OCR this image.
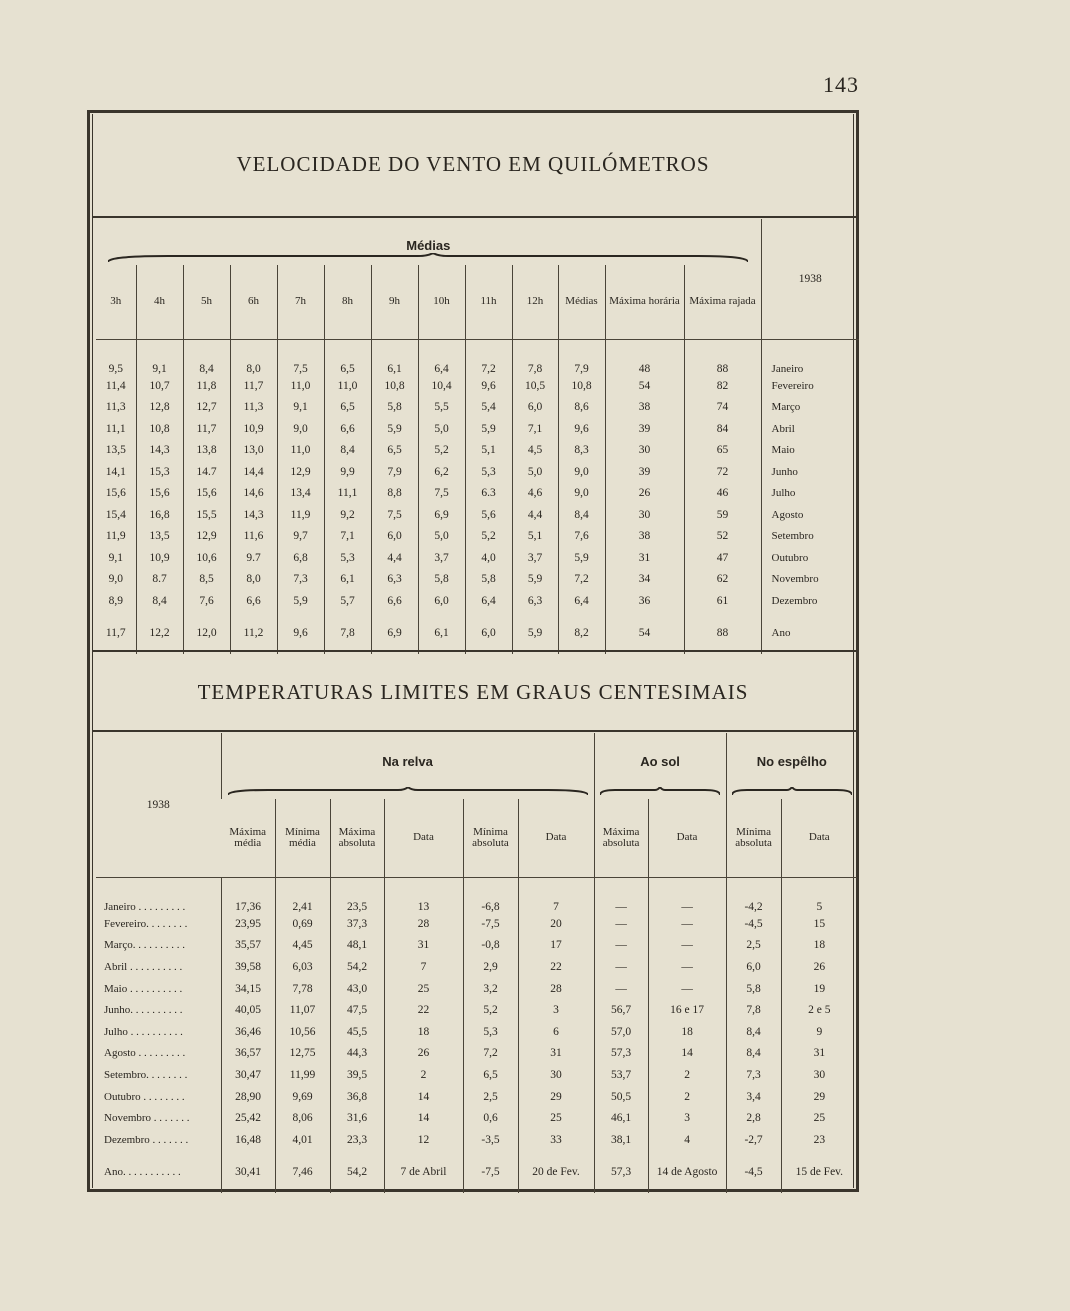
143
VELOCIDADE DO VENTO EM QUILÓMETROS
Médias													1938
3h	4h	5h	6h	7h	8h	9h	10h	11h	12h	Médias	Máxima horária	Máxima rajada	
9,5	9,1	8,4	8,0	7,5	6,5	6,1	6,4	7,2	7,8	7,9	48	88	Janeiro
11,4	10,7	11,8	11,7	11,0	11,0	10,8	10,4	9,6	10,5	10,8	54	82	Fevereiro
11,3	12,8	12,7	11,3	9,1	6,5	5,8	5,5	5,4	6,0	8,6	38	74	Março
11,1	10,8	11,7	10,9	9,0	6,6	5,9	5,0	5,9	7,1	9,6	39	84	Abril
13,5	14,3	13,8	13,0	11,0	8,4	6,5	5,2	5,1	4,5	8,3	30	65	Maio
14,1	15,3	14.7	14,4	12,9	9,9	7,9	6,2	5,3	5,0	9,0	39	72	Junho
15,6	15,6	15,6	14,6	13,4	11,1	8,8	7,5	6.3	4,6	9,0	26	46	Julho
15,4	16,8	15,5	14,3	11,9	9,2	7,5	6,9	5,6	4,4	8,4	30	59	Agosto
11,9	13,5	12,9	11,6	9,7	7,1	6,0	5,0	5,2	5,1	7,6	38	52	Setembro
9,1	10,9	10,6	9.7	6,8	5,3	4,4	3,7	4,0	3,7	5,9	31	47	Outubro
9,0	8.7	8,5	8,0	7,3	6,1	6,3	5,8	5,8	5,9	7,2	34	62	Novembro
8,9	8,4	7,6	6,6	5,9	5,7	6,6	6,0	6,4	6,3	6,4	36	61	Dezembro
11,7	12,2	12,0	11,2	9,6	7,8	6,9	6,1	6,0	5,9	8,2	54	88	Ano
TEMPERATURAS LIMITES EM GRAUS CENTESIMAIS
1938	Na relva						Ao sol		No espêlho	

	Máxima média	Mínima média	Máxima absoluta	Data	Mínima absoluta	Data	Máxima absoluta	Data	Mínima absoluta	Data
Janeiro . . . . . . . . .	17,36	2,41	23,5	13	-6,8	7	—	—	-4,2	5
Fevereiro. . . . . . . .	23,95	0,69	37,3	28	-7,5	20	—	—	-4,5	15
Março. . . . . . . . . .	35,57	4,45	48,1	31	-0,8	17	—	—	2,5	18
Abril . . . . . . . . . .	39,58	6,03	54,2	7	2,9	22	—	—	6,0	26
Maio . . . . . . . . . .	34,15	7,78	43,0	25	3,2	28	—	—	5,8	19
Junho. . . . . . . . . .	40,05	11,07	47,5	22	5,2	3	56,7	16 e 17	7,8	2 e 5
Julho . . . . . . . . . .	36,46	10,56	45,5	18	5,3	6	57,0	18	8,4	9
Agosto . . . . . . . . .	36,57	12,75	44,3	26	7,2	31	57,3	14	8,4	31
Setembro. . . . . . . .	30,47	11,99	39,5	2	6,5	30	53,7	2	7,3	30
Outubro . . . . . . . .	28,90	9,69	36,8	14	2,5	29	50,5	2	3,4	29
Novembro . . . . . . .	25,42	8,06	31,6	14	0,6	25	46,1	3	2,8	25
Dezembro . . . . . . .	16,48	4,01	23,3	12	-3,5	33	38,1	4	-2,7	23
Ano. . . . . . . . . . .	30,41	7,46	54,2	7 de Abril	-7,5	20 de Fev.	57,3	14 de Agosto	-4,5	15 de Fev.
